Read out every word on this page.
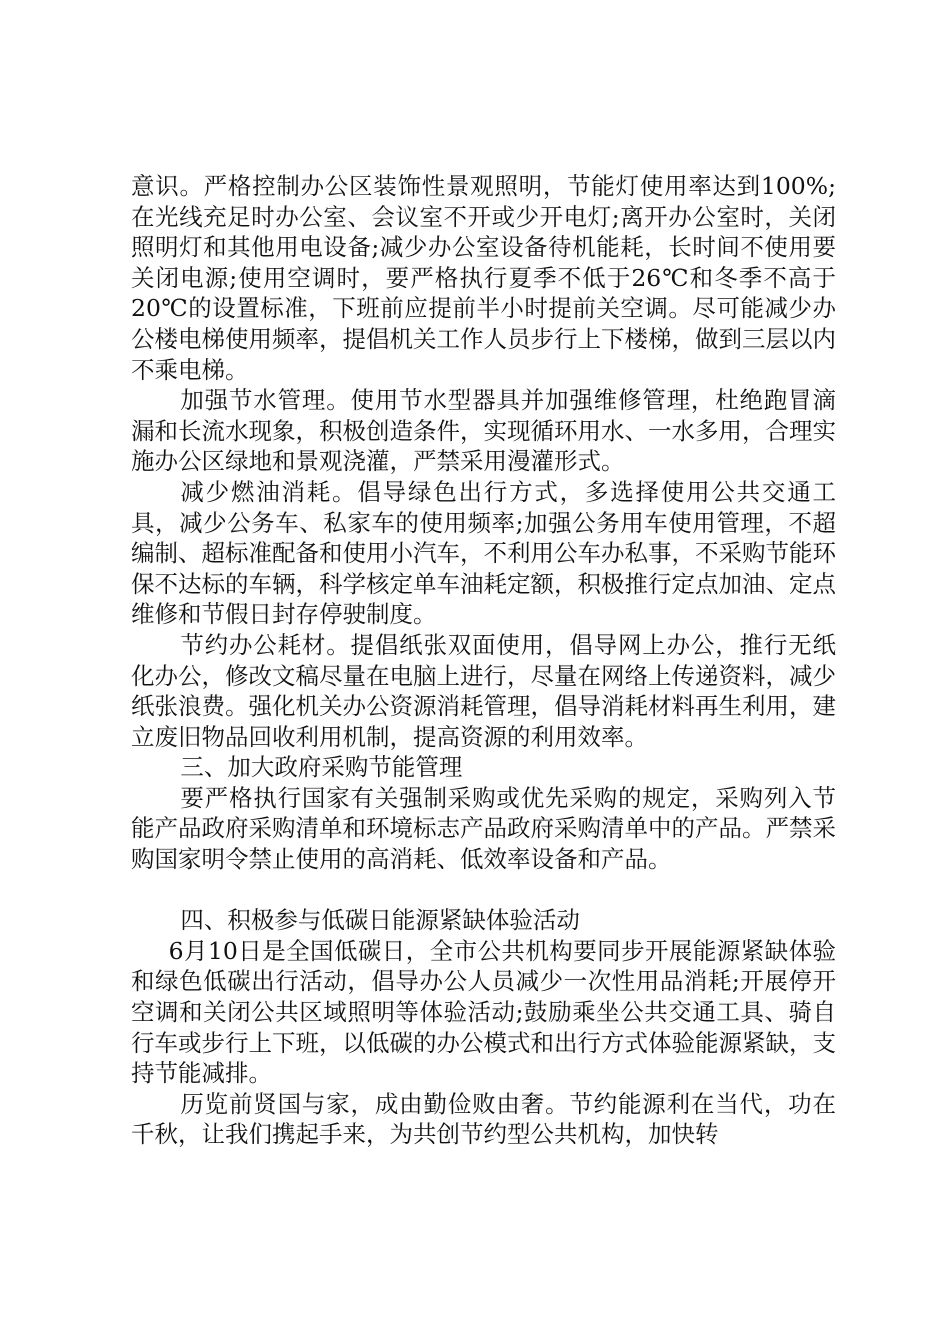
意识。严格控制办公区装饰性景观照明，节能灯使用率达到100%;在光线充足时办公室、会议室不开或少开电灯;离开办公室时，关闭照明灯和其他用电设备;减少办公室设备待机能耗，长时间不使用要关闭电源;使用空调时，要严格执行夏季不低于26℃和冬季不高于20℃的设置标准，下班前应提前半小时提前关空调。尽可能减少办公楼电梯使用频率，提倡机关工作人员步行上下楼梯，做到三层以内不乘电梯。

加强节水管理。使用节水型器具并加强维修管理，杜绝跑冒滴漏和长流水现象，积极创造条件，实现循环用水、一水多用，合理实施办公区绿地和景观浇灌，严禁采用漫灌形式。

减少燃油消耗。倡导绿色出行方式，多选择使用公共交通工具，减少公务车、私家车的使用频率;加强公务用车使用管理，不超编制、超标准配备和使用小汽车，不利用公车办私事，不采购节能环保不达标的车辆，科学核定单车油耗定额，积极推行定点加油、定点维修和节假日封存停驶制度。

节约办公耗材。提倡纸张双面使用，倡导网上办公，推行无纸化办公，修改文稿尽量在电脑上进行，尽量在网络上传递资料，减少纸张浪费。强化机关办公资源消耗管理，倡导消耗材料再生利用，建立废旧物品回收利用机制，提高资源的利用效率。

三、加大政府采购节能管理

要严格执行国家有关强制采购或优先采购的规定，采购列入节能产品政府采购清单和环境标志产品政府采购清单中的产品。严禁采购国家明令禁止使用的高消耗、低效率设备和产品。

四、积极参与低碳日能源紧缺体验活动

6月10日是全国低碳日，全市公共机构要同步开展能源紧缺体验和绿色低碳出行活动，倡导办公人员减少一次性用品消耗;开展停开空调和关闭公共区域照明等体验活动;鼓励乘坐公共交通工具、骑自行车或步行上下班，以低碳的办公模式和出行方式体验能源紧缺，支持节能减排。

历览前贤国与家，成由勤俭败由奢。节约能源利在当代，功在千秋，让我们携起手来，为共创节约型公共机构，加快转
